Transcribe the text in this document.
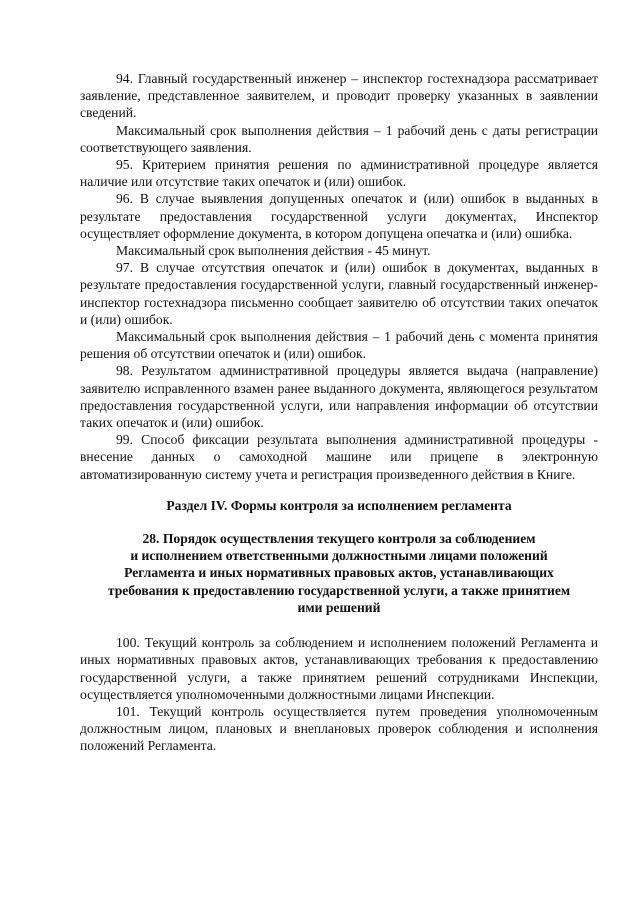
94. Главный государственный инженер – инспектор гостехнадзора рассматривает заявление, представленное заявителем, и проводит проверку указанных в заявлении сведений.

Максимальный срок выполнения действия – 1 рабочий день с даты регистрации соответствующего заявления.

95. Критерием принятия решения по административной процедуре является наличие или отсутствие таких опечаток и (или) ошибок.

96. В случае выявления допущенных опечаток и (или) ошибок в выданных в результате предоставления государственной услуги документах, Инспектор осуществляет оформление документа, в котором допущена опечатка и (или) ошибка.

Максимальный срок выполнения действия - 45 минут.

97. В случае отсутствия опечаток и (или) ошибок в документах, выданных в результате предоставления государственной услуги, главный государственный инженер-инспектор гостехнадзора письменно сообщает заявителю об отсутствии таких опечаток и (или) ошибок.

Максимальный срок выполнения действия – 1 рабочий день с момента принятия решения об отсутствии опечаток и (или) ошибок.

98. Результатом административной процедуры является выдача (направление) заявителю исправленного взамен ранее выданного документа, являющегося результатом предоставления государственной услуги, или направления информации об отсутствии таких опечаток и (или) ошибок.

99. Способ фиксации результата выполнения административной процедуры - внесение данных о самоходной машине или прицепе в электронную автоматизированную систему учета и регистрация произведенного действия в Книге.

Раздел IV. Формы контроля за исполнением регламента
28. Порядок осуществления текущего контроля за соблюдением
и исполнением ответственными должностными лицами положений
Регламента и иных нормативных правовых актов, устанавливающих
требования к предоставлению государственной услуги, а также принятием
ими решений

100. Текущий контроль за соблюдением и исполнением положений Регламента и иных нормативных правовых актов, устанавливающих требования к предоставлению государственной услуги, а также принятием решений сотрудниками Инспекции, осуществляется уполномоченными должностными лицами Инспекции.

101. Текущий контроль осуществляется путем проведения уполномоченным должностным лицом, плановых и внеплановых проверок соблюдения и исполнения положений Регламента.
